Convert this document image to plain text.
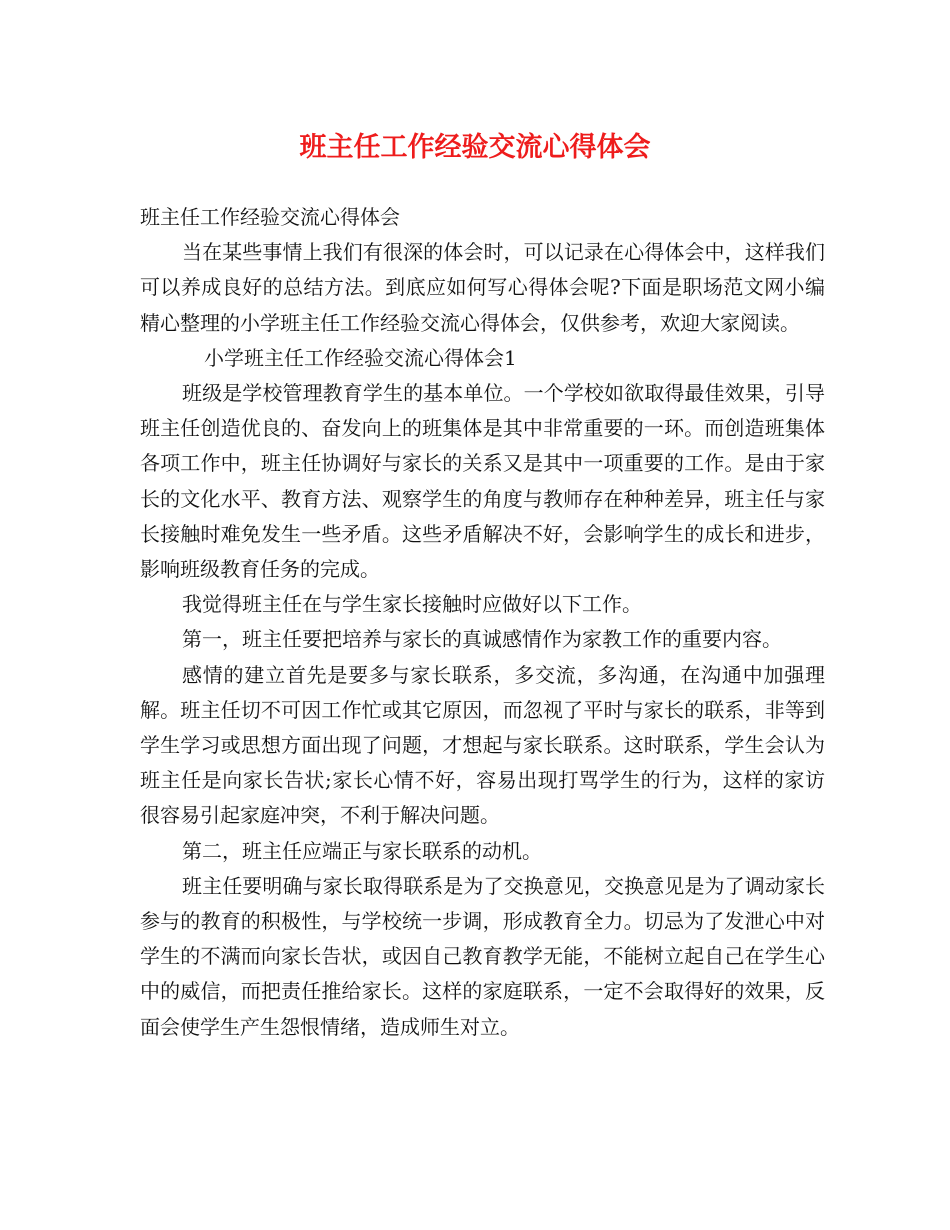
班主任工作经验交流心得体会

班主任工作经验交流心得体会

当在某些事情上我们有很深的体会时，可以记录在心得体会中，这样我们可以养成良好的总结方法。到底应如何写心得体会呢?下面是职场范文网小编精心整理的小学班主任工作经验交流心得体会，仅供参考，欢迎大家阅读。

小学班主任工作经验交流心得体会1

班级是学校管理教育学生的基本单位。一个学校如欲取得最佳效果，引导班主任创造优良的、奋发向上的班集体是其中非常重要的一环。而创造班集体各项工作中，班主任协调好与家长的关系又是其中一项重要的工作。是由于家长的文化水平、教育方法、观察学生的角度与教师存在种种差异，班主任与家长接触时难免发生一些矛盾。这些矛盾解决不好，会影响学生的成长和进步，影响班级教育任务的完成。

我觉得班主任在与学生家长接触时应做好以下工作。

第一，班主任要把培养与家长的真诚感情作为家教工作的重要内容。

感情的建立首先是要多与家长联系，多交流，多沟通，在沟通中加强理解。班主任切不可因工作忙或其它原因，而忽视了平时与家长的联系，非等到学生学习或思想方面出现了问题，才想起与家长联系。这时联系，学生会认为班主任是向家长告状;家长心情不好，容易出现打骂学生的行为，这样的家访很容易引起家庭冲突，不利于解决问题。

第二，班主任应端正与家长联系的动机。

班主任要明确与家长取得联系是为了交换意见，交换意见是为了调动家长参与的教育的积极性，与学校统一步调，形成教育全力。切忌为了发泄心中对学生的不满而向家长告状，或因自己教育教学无能，不能树立起自己在学生心中的威信，而把责任推给家长。这样的家庭联系，一定不会取得好的效果，反面会使学生产生怨恨情绪，造成师生对立。
